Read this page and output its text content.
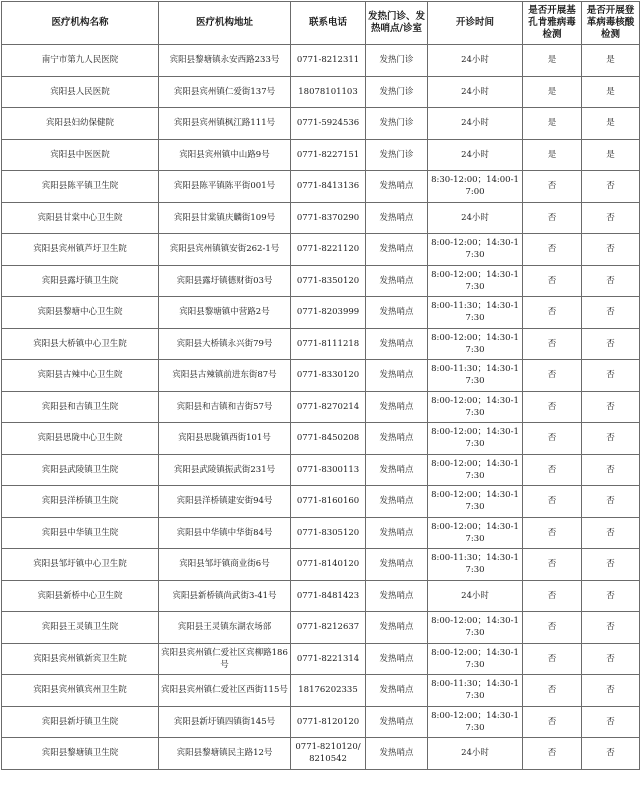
医疗机构名称	医疗机构地址	联系电话	发热门诊、发热哨点/诊室	开诊时间	是否开展基孔肯雅病毒检测	是否开展登革病毒核酸检测
南宁市第九人民医院	宾阳县黎塘镇永安西路233号	0771-8212311	发热门诊	24小时	是	是
宾阳县人民医院	宾阳县宾州镇仁爱街137号	18078101103	发热门诊	24小时	是	是
宾阳县妇幼保健院	宾阳县宾州镇枫江路111号	0771-5924536	发热门诊	24小时	是	是
宾阳县中医医院	宾阳县宾州镇中山路9号	0771-8227151	发热门诊	24小时	是	是
宾阳县陈平镇卫生院	宾阳县陈平镇陈平街001号	0771-8413136	发热哨点	8:30-12:00；14:00-17:00	否	否
宾阳县甘棠中心卫生院	宾阳县甘棠镇庆麟街109号	0771-8370290	发热哨点	24小时	否	否
宾阳县宾州镇芦圩卫生院	宾阳县宾州镇镇安街262-1号	0771-8221120	发热哨点	8:00-12:00；14:30-17:30	否	否
宾阳县露圩镇卫生院	宾阳县露圩镇德财街03号	0771-8350120	发热哨点	8:00-12:00；14:30-17:30	否	否
宾阳县黎塘中心卫生院	宾阳县黎塘镇中营路2号	0771-8203999	发热哨点	8:00-11:30；14:30-17:30	否	否
宾阳县大桥镇中心卫生院	宾阳县大桥镇永兴街79号	0771-8111218	发热哨点	8:00-12:00；14:30-17:30	否	否
宾阳县古辣中心卫生院	宾阳县古辣镇前进东街87号	0771-8330120	发热哨点	8:00-11:30；14:30-17:30	否	否
宾阳县和吉镇卫生院	宾阳县和吉镇和吉街57号	0771-8270214	发热哨点	8:00-12:00；14:30-17:30	否	否
宾阳县思陇中心卫生院	宾阳县思陇镇西街101号	0771-8450208	发热哨点	8:00-12:00；14:30-17:30	否	否
宾阳县武陵镇卫生院	宾阳县武陵镇振武街231号	0771-8300113	发热哨点	8:00-12:00；14:30-17:30	否	否
宾阳县洋桥镇卫生院	宾阳县洋桥镇建安街94号	0771-8160160	发热哨点	8:00-12:00；14:30-17:30	否	否
宾阳县中华镇卫生院	宾阳县中华镇中华街84号	0771-8305120	发热哨点	8:00-12:00；14:30-17:30	否	否
宾阳县邹圩镇中心卫生院	宾阳县邹圩镇商业街6号	0771-8140120	发热哨点	8:00-11:30；14:30-17:30	否	否
宾阳县新桥中心卫生院	宾阳县新桥镇尚武街3-41号	0771-8481423	发热哨点	24小时	否	否
宾阳县王灵镇卫生院	宾阳县王灵镇东湖农场部	0771-8212637	发热哨点	8:00-12:00；14:30-17:30	否	否
宾阳县宾州镇新宾卫生院	宾阳县宾州镇仁爱社区宾柳路186号	0771-8221314	发热哨点	8:00-12:00；14:30-17:30	否	否
宾阳县宾州镇宾州卫生院	宾阳县宾州镇仁爱社区西街115号	18176202335	发热哨点	8:00-11:30；14:30-17:30	否	否
宾阳县新圩镇卫生院	宾阳县新圩镇四镇街145号	0771-8120120	发热哨点	8:00-12:00；14:30-17:30	否	否
宾阳县黎塘镇卫生院	宾阳县黎塘镇民主路12号	0771-8210120/8210542	发热哨点	24小时	否	否
